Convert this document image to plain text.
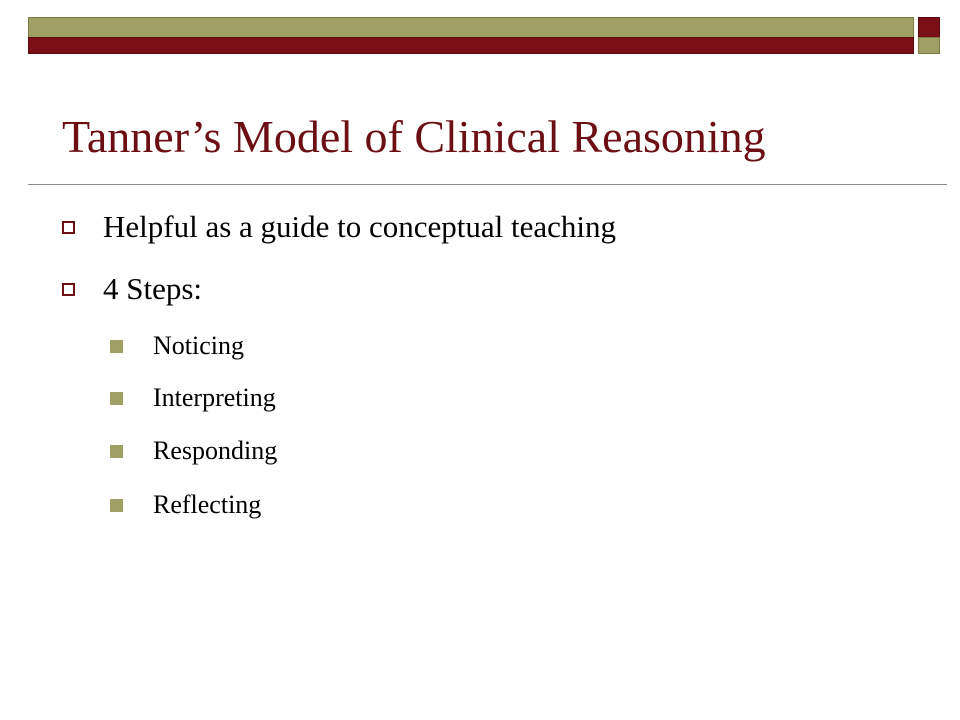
Tanner’s Model of Clinical Reasoning
Helpful as a guide to conceptual teaching
4 Steps:
Noticing
Interpreting
Responding
Reflecting
